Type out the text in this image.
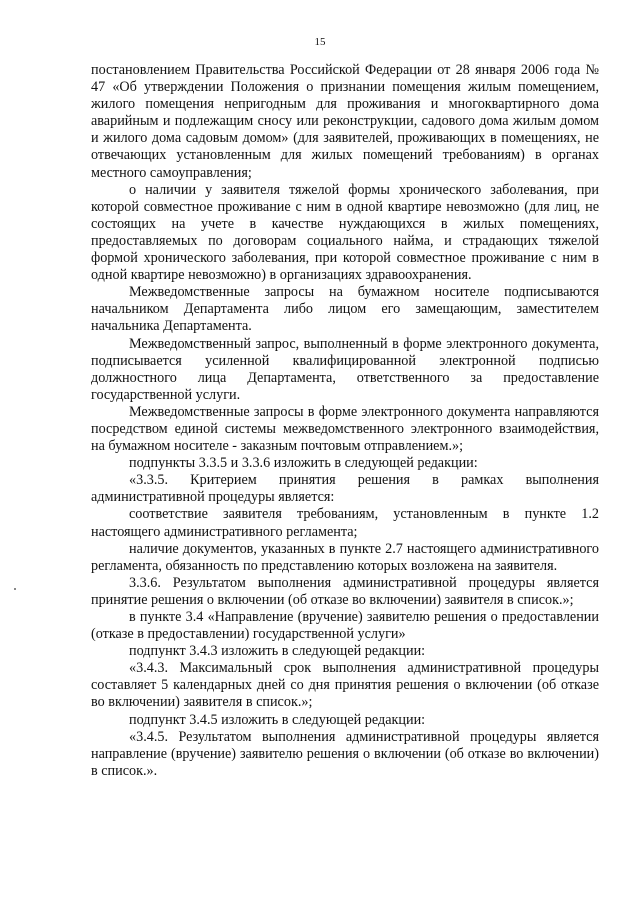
15

постановлением Правительства Российской Федерации от 28 января 2006 года № 47 «Об утверждении Положения о признании помещения жилым помещением, жилого помещения непригодным для проживания и многоквартирного дома аварийным и подлежащим сносу или реконструкции, садового дома жилым домом и жилого дома садовым домом» (для заявителей, проживающих в помещениях, не отвечающих установленным для жилых помещений требованиям) в органах местного самоуправления;

о наличии у заявителя тяжелой формы хронического заболевания, при которой совместное проживание с ним в одной квартире невозможно (для лиц, не состоящих на учете в качестве нуждающихся в жилых помещениях, предоставляемых по договорам социального найма, и страдающих тяжелой формой хронического заболевания, при которой совместное проживание с ним в одной квартире невозможно) в организациях здравоохранения.

Межведомственные запросы на бумажном носителе подписываются начальником Департамента либо лицом его замещающим, заместителем начальника Департамента.

Межведомственный запрос, выполненный в форме электронного документа, подписывается усиленной квалифицированной электронной подписью должностного лица Департамента, ответственного за предоставление государственной услуги.

Межведомственные запросы в форме электронного документа направляются посредством единой системы межведомственного электронного взаимодействия, на бумажном носителе - заказным почтовым отправлением.»;

подпункты 3.3.5 и 3.3.6 изложить в следующей редакции:

«3.3.5. Критерием принятия решения в рамках выполнения административной процедуры является:

соответствие заявителя требованиям, установленным в пункте 1.2 настоящего административного регламента;

наличие документов, указанных в пункте 2.7 настоящего административного регламента, обязанность по представлению которых возложена на заявителя.

3.3.6. Результатом выполнения административной процедуры является принятие решения о включении (об отказе во включении) заявителя в список.»;

в пункте 3.4 «Направление (вручение) заявителю решения о предоставлении (отказе в предоставлении) государственной услуги»

подпункт 3.4.3 изложить в следующей редакции:

«3.4.3. Максимальный срок выполнения административной процедуры составляет 5 календарных дней со дня принятия решения о включении (об отказе во включении) заявителя в список.»;

подпункт 3.4.5 изложить в следующей редакции:

«3.4.5. Результатом выполнения административной процедуры является направление (вручение) заявителю решения о включении (об отказе во включении) в список.».
